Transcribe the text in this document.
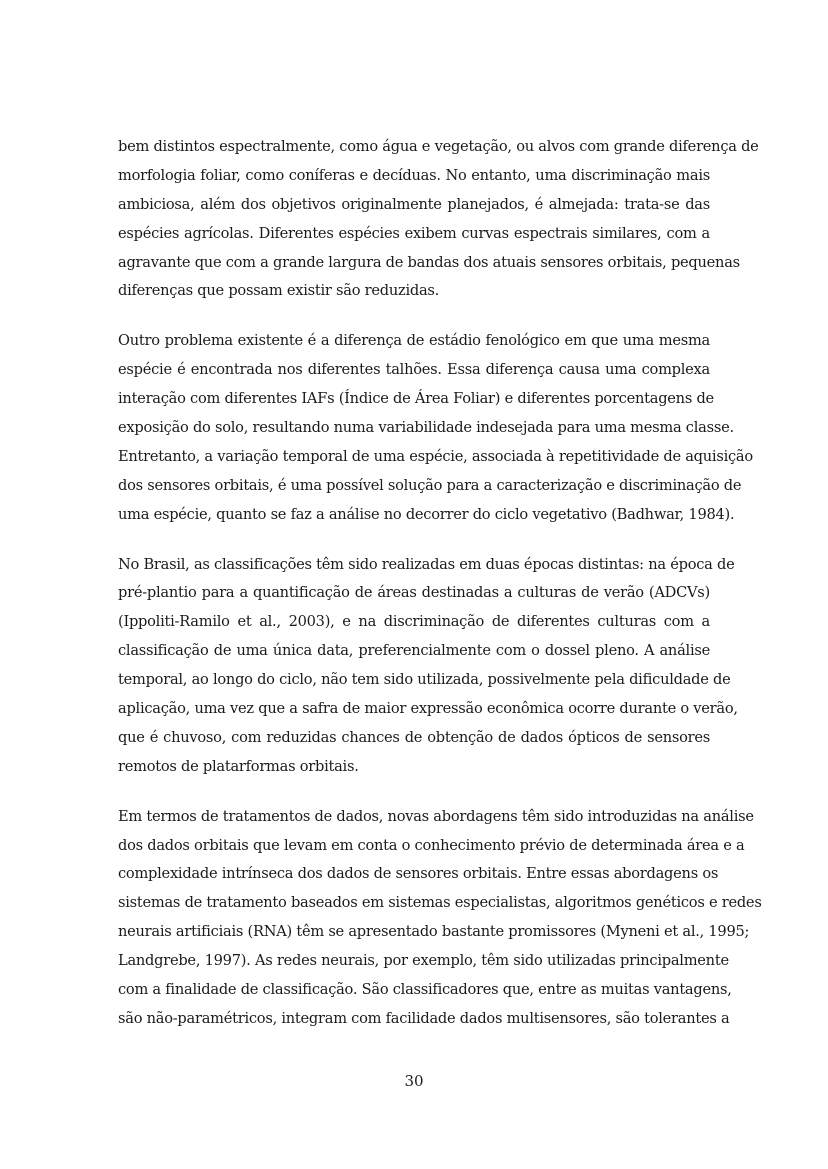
bem distintos espectralmente, como água e vegetação, ou alvos com grande diferença de
morfologia foliar, como coníferas e decíduas. No entanto, uma discriminação mais
ambiciosa, além dos objetivos originalmente planejados, é almejada: trata-se das
espécies agrícolas. Diferentes espécies exibem curvas espectrais similares, com a
agravante que com a grande largura de bandas dos atuais sensores orbitais, pequenas
diferenças que possam existir são reduzidas.
Outro problema existente é a diferença de estádio fenológico em que uma mesma
espécie é encontrada nos diferentes talhões. Essa diferença causa uma complexa
interação com diferentes IAFs (Índice de Área Foliar) e diferentes porcentagens de
exposição do solo, resultando numa variabilidade indesejada para uma mesma classe.
Entretanto, a variação temporal de uma espécie, associada à repetitividade de aquisição
dos sensores orbitais, é uma possível solução para a caracterização e discriminação de
uma espécie, quanto se faz a análise no decorrer do ciclo vegetativo (Badhwar, 1984).
No Brasil, as classificações têm sido realizadas em duas épocas distintas: na época de
pré-plantio para a quantificação de áreas destinadas a culturas de verão (ADCVs)
(Ippoliti-Ramilo et al., 2003), e na discriminação de diferentes culturas com a
classificação de uma única data, preferencialmente com o dossel pleno. A análise
temporal, ao longo do ciclo, não tem sido utilizada, possivelmente pela dificuldade de
aplicação, uma vez que a safra de maior expressão econômica ocorre durante o verão,
que é chuvoso, com reduzidas chances de obtenção de dados ópticos de sensores
remotos de platarformas orbitais.
Em termos de tratamentos de dados, novas abordagens têm sido introduzidas na análise
dos dados orbitais que levam em conta o conhecimento prévio de determinada área e a
complexidade intrínseca dos dados de sensores orbitais. Entre essas abordagens os
sistemas de tratamento baseados em sistemas especialistas, algoritmos genéticos e redes
neurais artificiais (RNA) têm se apresentado bastante promissores (Myneni et al., 1995;
Landgrebe, 1997). As redes neurais, por exemplo, têm sido utilizadas principalmente
com a finalidade de classificação. São classificadores que, entre as muitas vantagens,
são não-paramétricos, integram com facilidade dados multisensores, são tolerantes a
30
